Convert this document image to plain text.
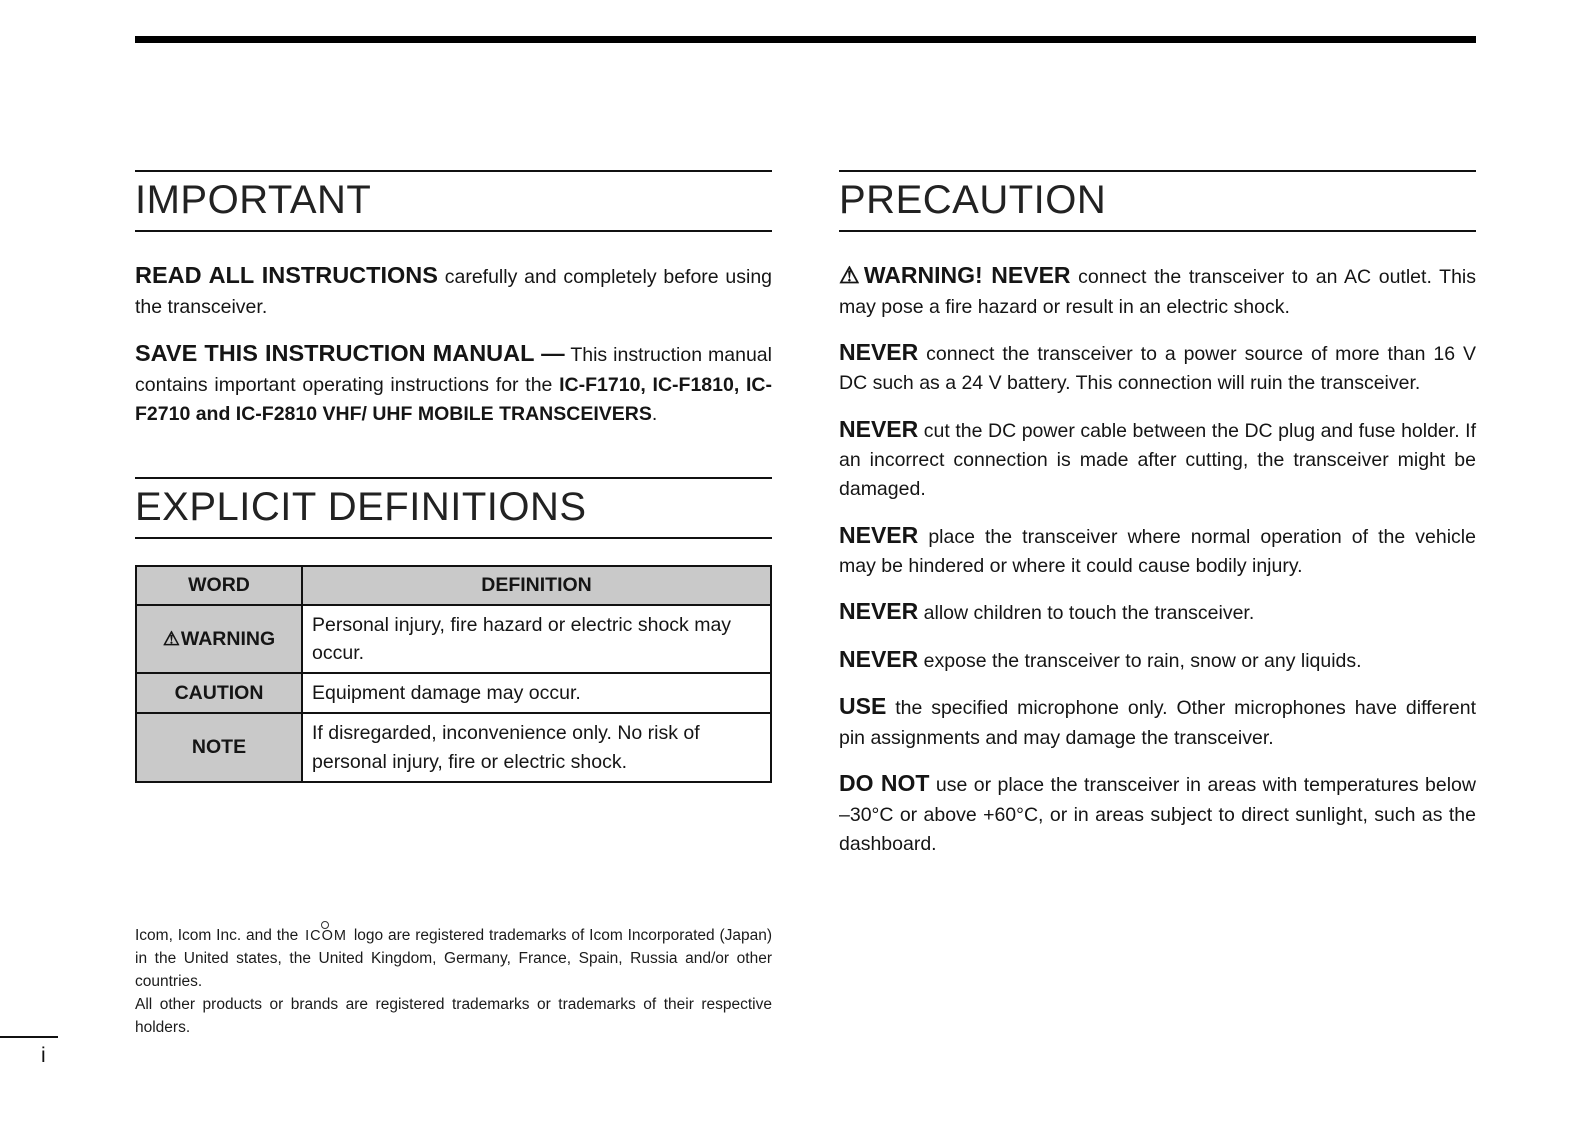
IMPORTANT

READ ALL INSTRUCTIONS carefully and completely before using the transceiver.

SAVE THIS INSTRUCTION MANUAL — This instruction manual contains important operating instructions for the IC-F1710, IC-F1810, IC-F2710 and IC-F2810 VHF/ UHF MOBILE TRANSCEIVERS.

EXPLICIT DEFINITIONS
WORD	DEFINITION
⚠WARNING	Personal injury, fire hazard or electric shock may occur.
CAUTION	Equipment damage may occur.
NOTE	If disregarded, inconvenience only. No risk of personal injury, fire or electric shock.

Icom, Icom Inc. and the ICOM logo are registered trademarks of Icom Incorporated (Japan) in the United states, the United Kingdom, Germany, France, Spain, Russia and/or other countries.

All other products or brands are registered trademarks or trademarks of their respective holders.

PRECAUTION

⚠WARNING! NEVER connect the transceiver to an AC outlet. This may pose a fire hazard or result in an electric shock.

NEVER connect the transceiver to a power source of more than 16 V DC such as a 24 V battery. This connection will ruin the transceiver.

NEVER cut the DC power cable between the DC plug and fuse holder. If an incorrect connection is made after cutting, the transceiver might be damaged.

NEVER place the transceiver where normal operation of the vehicle may be hindered or where it could cause bodily injury.

NEVER allow children to touch the transceiver.

NEVER expose the transceiver to rain, snow or any liquids.

USE the specified microphone only. Other microphones have different pin assignments and may damage the transceiver.

DO NOT use or place the transceiver in areas with temperatures below –30°C or above +60°C, or in areas subject to direct sunlight, such as the dashboard.

i
